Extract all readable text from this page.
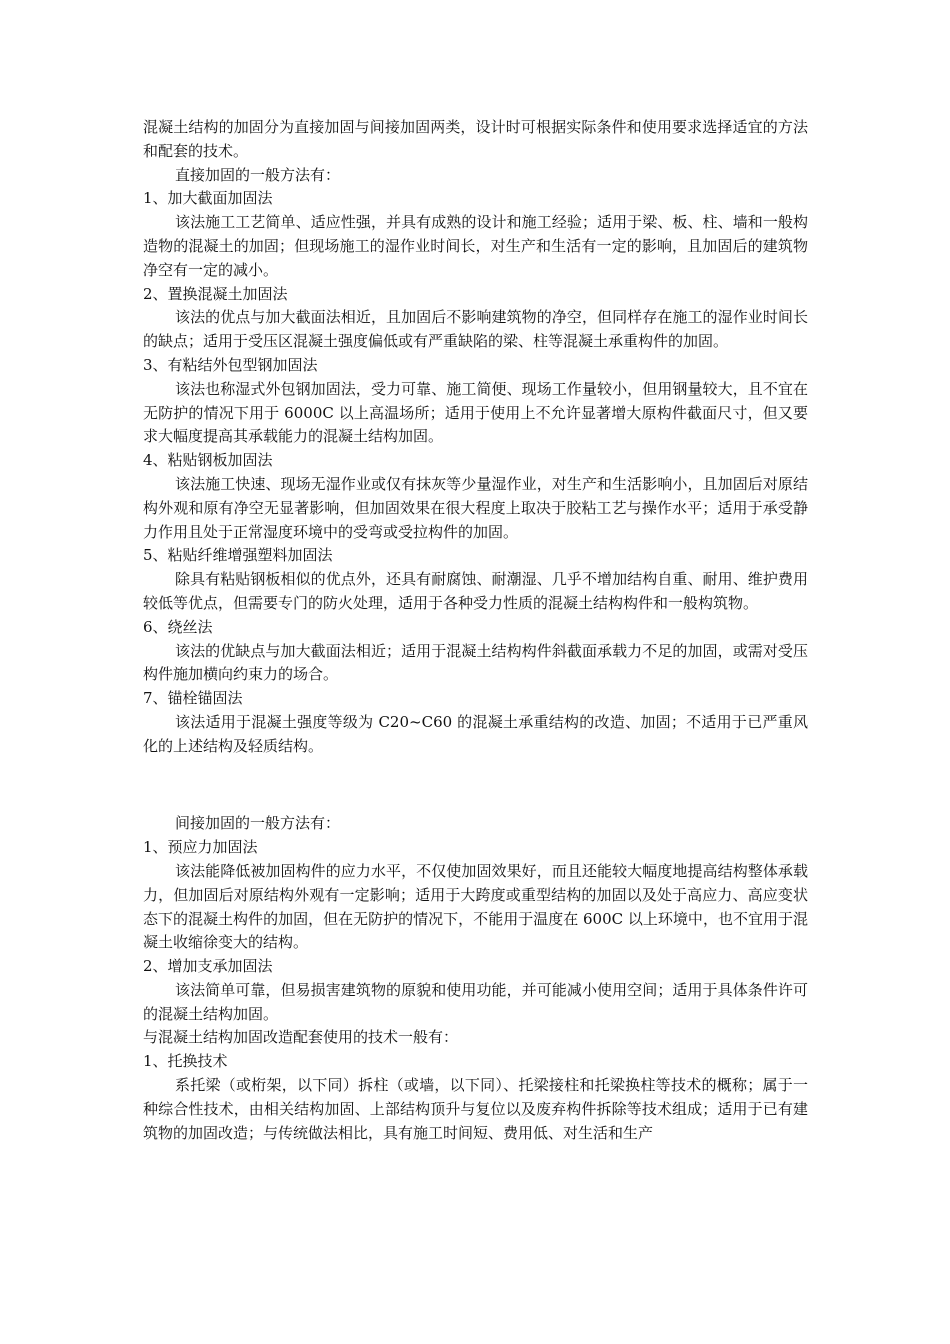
混凝土结构的加固分为直接加固与间接加固两类，设计时可根据实际条件和使用要求选择适宜的方法和配套的技术。

直接加固的一般方法有：

1、加大截面加固法

该法施工工艺简单、适应性强，并具有成熟的设计和施工经验；适用于梁、板、柱、墙和一般构造物的混凝土的加固；但现场施工的湿作业时间长，对生产和生活有一定的影响，且加固后的建筑物净空有一定的减小。

2、置换混凝土加固法

该法的优点与加大截面法相近，且加固后不影响建筑物的净空，但同样存在施工的湿作业时间长的缺点；适用于受压区混凝土强度偏低或有严重缺陷的梁、柱等混凝土承重构件的加固。

3、有粘结外包型钢加固法

该法也称湿式外包钢加固法，受力可靠、施工简便、现场工作量较小，但用钢量较大，且不宜在无防护的情况下用于 6000C 以上高温场所；适用于使用上不允许显著增大原构件截面尺寸，但又要求大幅度提高其承载能力的混凝土结构加固。

4、粘贴钢板加固法

该法施工快速、现场无湿作业或仅有抹灰等少量湿作业，对生产和生活影响小，且加固后对原结构外观和原有净空无显著影响，但加固效果在很大程度上取决于胶粘工艺与操作水平；适用于承受静力作用且处于正常湿度环境中的受弯或受拉构件的加固。

5、粘贴纤维增强塑料加固法

除具有粘贴钢板相似的优点外，还具有耐腐蚀、耐潮湿、几乎不增加结构自重、耐用、维护费用较低等优点，但需要专门的防火处理，适用于各种受力性质的混凝土结构构件和一般构筑物。

6、绕丝法

该法的优缺点与加大截面法相近；适用于混凝土结构构件斜截面承载力不足的加固，或需对受压构件施加横向约束力的场合。

7、锚栓锚固法

该法适用于混凝土强度等级为 C20~C60 的混凝土承重结构的改造、加固；不适用于已严重风化的上述结构及轻质结构。

间接加固的一般方法有：

1、预应力加固法

该法能降低被加固构件的应力水平，不仅使加固效果好，而且还能较大幅度地提高结构整体承载力，但加固后对原结构外观有一定影响；适用于大跨度或重型结构的加固以及处于高应力、高应变状态下的混凝土构件的加固，但在无防护的情况下，不能用于温度在 600C 以上环境中，也不宜用于混凝土收缩徐变大的结构。

2、增加支承加固法

该法简单可靠，但易损害建筑物的原貌和使用功能，并可能减小使用空间；适用于具体条件许可的混凝土结构加固。

与混凝土结构加固改造配套使用的技术一般有：

1、托换技术

系托梁（或桁架，以下同）拆柱（或墙，以下同）、托梁接柱和托梁换柱等技术的概称；属于一种综合性技术，由相关结构加固、上部结构顶升与复位以及废弃构件拆除等技术组成；适用于已有建筑物的加固改造；与传统做法相比，具有施工时间短、费用低、对生活和生产
